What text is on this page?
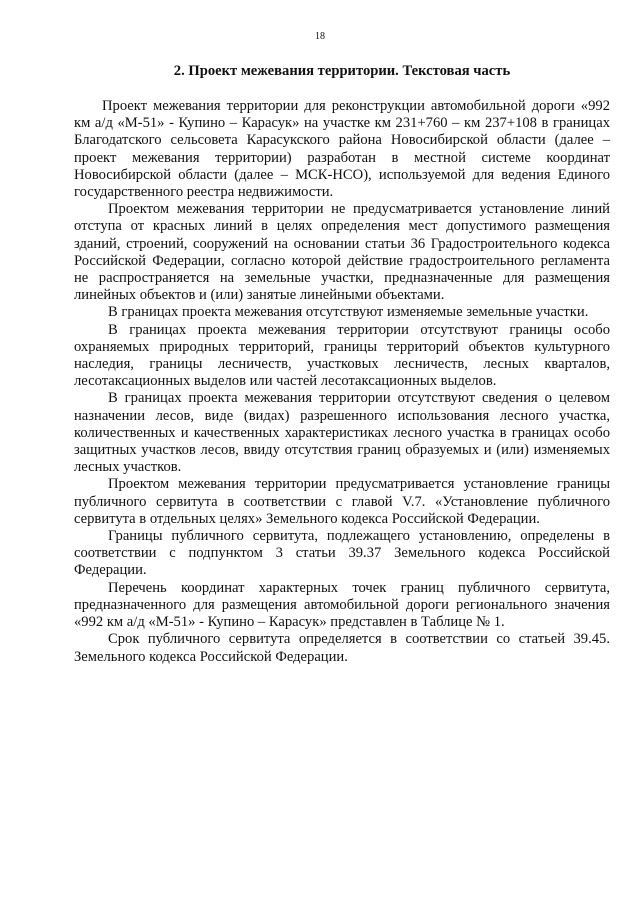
18
2. Проект межевания территории. Текстовая часть

Проект межевания территории для реконструкции автомобильной дороги «992 км а/д «М-51» - Купино – Карасук» на участке км 231+760 – км 237+108 в границах Благодатского сельсовета Карасукского района Новосибирской области (далее – проект межевания территории) разработан в местной системе координат Новосибирской области (далее – МСК-НСО), используемой для ведения Единого государственного реестра недвижимости.

Проектом межевания территории не предусматривается установление линий отступа от красных линий в целях определения мест допустимого размещения зданий, строений, сооружений на основании статьи 36 Градостроительного кодекса Российской Федерации, согласно которой действие градостроительного регламента не распространяется на земельные участки, предназначенные для размещения линейных объектов и (или) занятые линейными объектами.

В границах проекта межевания отсутствуют изменяемые земельные участки.

В границах проекта межевания территории отсутствуют границы особо охраняемых природных территорий, границы территорий объектов культурного наследия, границы лесничеств, участковых лесничеств, лесных кварталов, лесотаксационных выделов или частей лесотаксационных выделов.

В границах проекта межевания территории отсутствуют сведения о целевом назначении лесов, виде (видах) разрешенного использования лесного участка, количественных и качественных характеристиках лесного участка в границах особо защитных участков лесов, ввиду отсутствия границ образуемых и (или) изменяемых лесных участков.

Проектом межевания территории предусматривается установление границы публичного сервитута в соответствии с главой V.7. «Установление публичного сервитута в отдельных целях» Земельного кодекса Российской Федерации.

Границы публичного сервитута, подлежащего установлению, определены в соответствии с подпунктом 3 статьи 39.37 Земельного кодекса Российской Федерации.

Перечень координат характерных точек границ публичного сервитута, предназначенного для размещения автомобильной дороги регионального значения «992 км а/д «М-51» - Купино – Карасук» представлен в Таблице № 1.

Срок публичного сервитута определяется в соответствии со статьей 39.45. Земельного кодекса Российской Федерации.
